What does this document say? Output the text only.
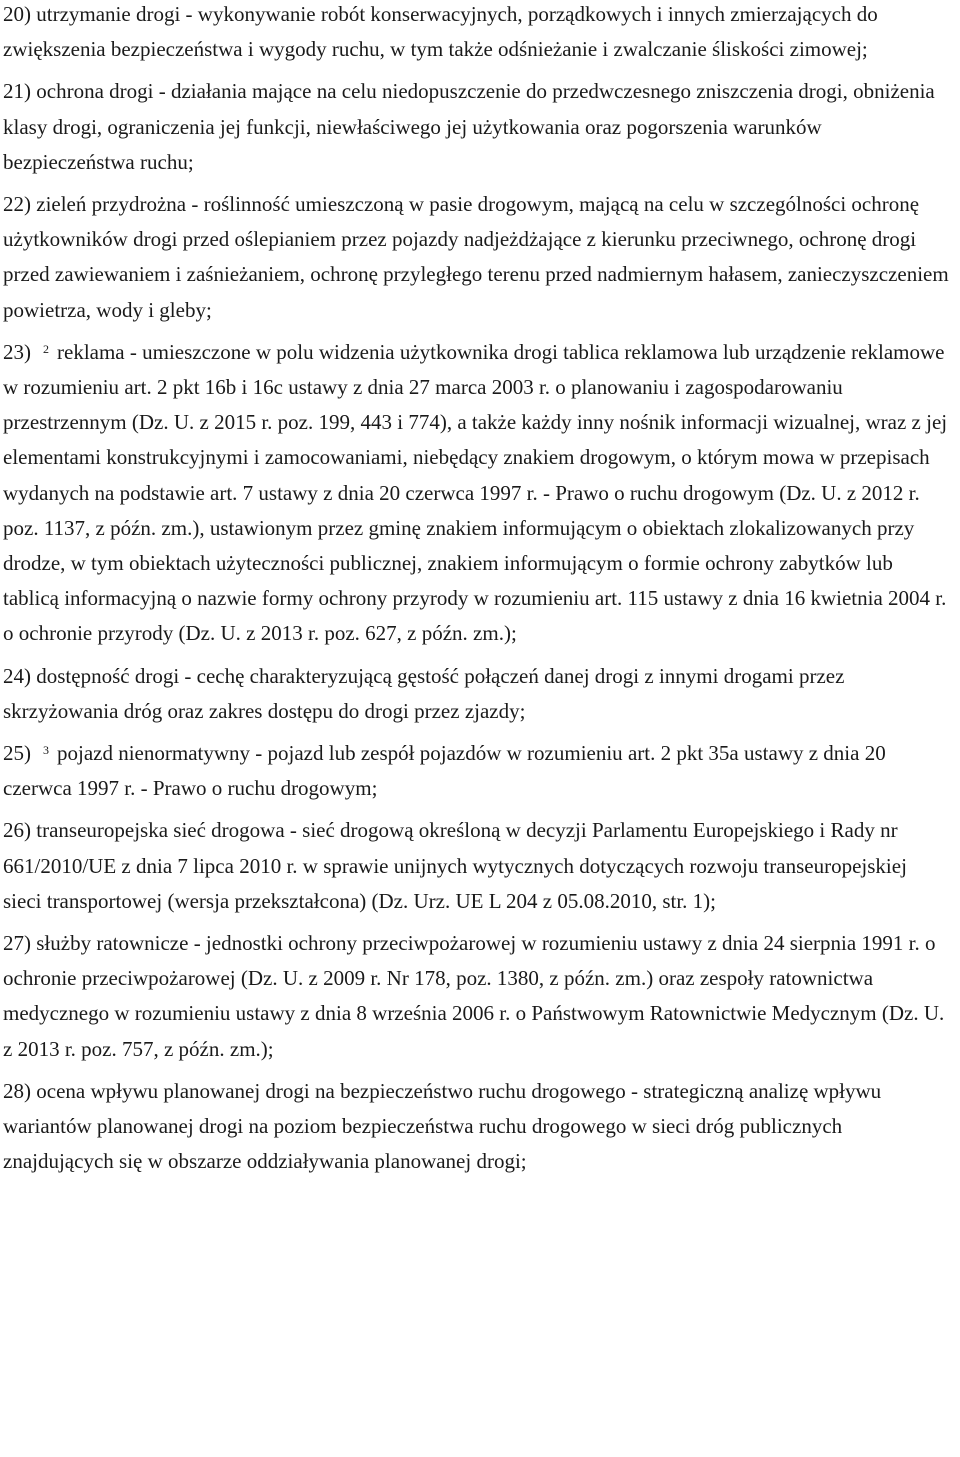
20) utrzymanie drogi - wykonywanie robót konserwacyjnych, porządkowych i innych zmierzających do zwiększenia bezpieczeństwa i wygody ruchu, w tym także odśnieżanie i zwalczanie śliskości zimowej;

21) ochrona drogi - działania mające na celu niedopuszczenie do przedwczesnego zniszczenia drogi, obniżenia klasy drogi, ograniczenia jej funkcji, niewłaściwego jej użytkowania oraz pogorszenia warunków bezpieczeństwa ruchu;

22) zieleń przydrożna - roślinność umieszczoną w pasie drogowym, mającą na celu w szczególności ochronę użytkowników drogi przed oślepianiem przez pojazdy nadjeżdżające z kierunku przeciwnego, ochronę drogi przed zawiewaniem i zaśnieżaniem, ochronę przyległego terenu przed nadmiernym hałasem, zanieczyszczeniem powietrza, wody i gleby;

23) $^2$ reklama - umieszczone w polu widzenia użytkownika drogi tablica reklamowa lub urządzenie reklamowe w rozumieniu art. 2 pkt 16b i 16c ustawy z dnia 27 marca 2003 r. o planowaniu i zagospodarowaniu przestrzennym (Dz. U. z 2015 r. poz. 199, 443 i 774), a także każdy inny nośnik informacji wizualnej, wraz z jej elementami konstrukcyjnymi i zamocowaniami, niebędący znakiem drogowym, o którym mowa w przepisach wydanych na podstawie art. 7 ustawy z dnia 20 czerwca 1997 r. - Prawo o ruchu drogowym (Dz. U. z 2012 r. poz. 1137, z późn. zm.), ustawionym przez gminę znakiem informującym o obiektach zlokalizowanych przy drodze, w tym obiektach użyteczności publicznej, znakiem informującym o formie ochrony zabytków lub tablicą informacyjną o nazwie formy ochrony przyrody w rozumieniu art. 115 ustawy z dnia 16 kwietnia 2004 r. o ochronie przyrody (Dz. U. z 2013 r. poz. 627, z późn. zm.);

24) dostępność drogi - cechę charakteryzującą gęstość połączeń danej drogi z innymi drogami przez skrzyżowania dróg oraz zakres dostępu do drogi przez zjazdy;

25) $^3$ pojazd nienormatywny - pojazd lub zespół pojazdów w rozumieniu art. 2 pkt 35a ustawy z dnia 20 czerwca 1997 r. - Prawo o ruchu drogowym;

26) transeuropejska sieć drogowa - sieć drogową określoną w decyzji Parlamentu Europejskiego i Rady nr 661/2010/UE z dnia 7 lipca 2010 r. w sprawie unijnych wytycznych dotyczących rozwoju transeuropejskiej sieci transportowej (wersja przekształcona) (Dz. Urz. UE L 204 z 05.08.2010, str. 1);

27) służby ratownicze - jednostki ochrony przeciwpożarowej w rozumieniu ustawy z dnia 24 sierpnia 1991 r. o ochronie przeciwpożarowej (Dz. U. z 2009 r. Nr 178, poz. 1380, z późn. zm.) oraz zespoły ratownictwa medycznego w rozumieniu ustawy z dnia 8 września 2006 r. o Państwowym Ratownictwie Medycznym (Dz. U. z 2013 r. poz. 757, z późn. zm.);

28) ocena wpływu planowanej drogi na bezpieczeństwo ruchu drogowego - strategiczną analizę wpływu wariantów planowanej drogi na poziom bezpieczeństwa ruchu drogowego w sieci dróg publicznych znajdujących się w obszarze oddziaływania planowanej drogi;
